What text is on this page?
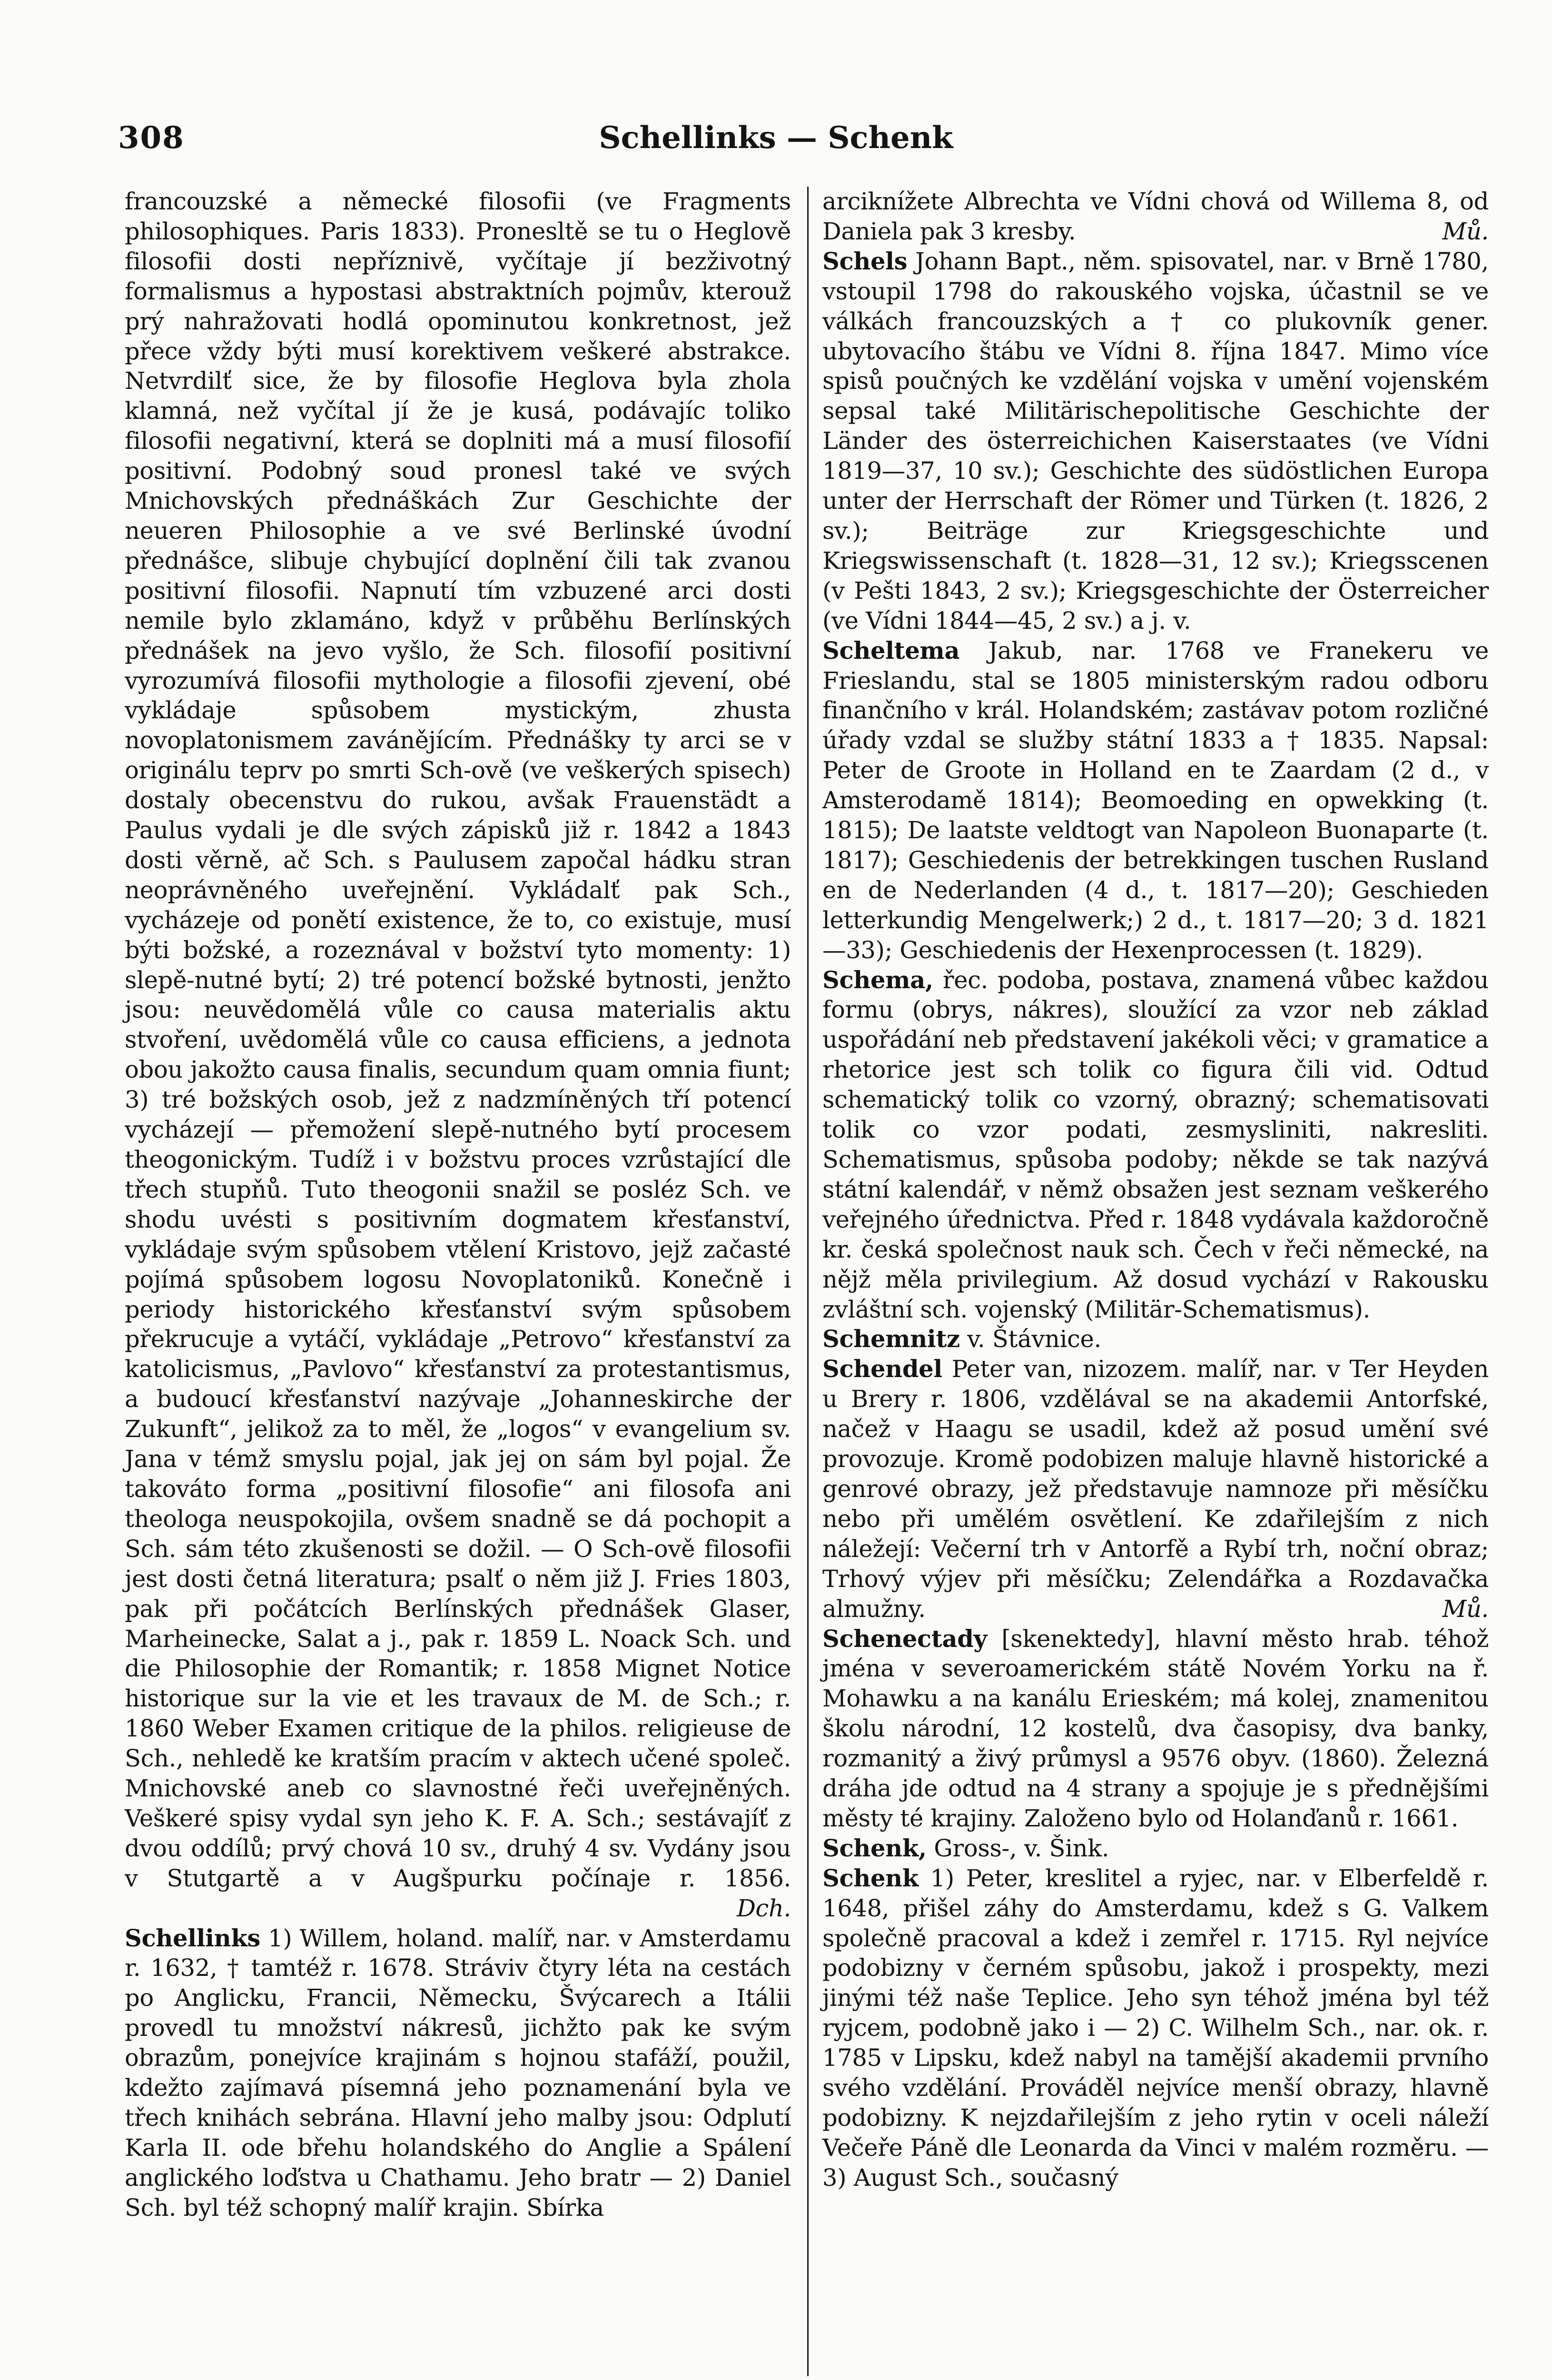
308	Schellinks — Schenk
francouzské a německé filosofii (ve Fragments philosophiques. Paris 1833). Pronesltě se tu o Heglově filosofii dosti nepříznivě, vyčítaje jí bezživotný formalismus a hypostasi abstraktních pojmův, kterouž prý nahražovati hodlá opominutou konkretnost, jež přece vždy býti musí korektivem veškeré abstrakce. Netvrdilť sice, že by filosofie Heglova byla zhola klamná, než vyčítal jí že je kusá, podávajíc toliko filosofii negativní, která se doplniti má a musí filosofií positivní. Podobný soud pronesl také ve svých Mnichovských přednáškách Zur Geschichte der neueren Philosophie a ve své Berlinské úvodní přednášce, slibuje chybující doplnění čili tak zvanou positivní filosofii. Napnutí tím vzbuzené arci dosti nemile bylo zklamáno, když v průběhu Berlínských přednášek na jevo vyšlo, že Sch. filosofií positivní vyrozumívá filosofii mythologie a filosofii zjevení, obé vykládaje spůsobem mystickým, zhusta novoplatonismem zavánějícím. Přednášky ty arci se v originálu teprv po smrti Sch-ově (ve veškerých spisech) dostaly obecenstvu do rukou, avšak Frauenstädt a Paulus vydali je dle svých zápisků již r. 1842 a 1843 dosti věrně, ač Sch. s Paulusem započal hádku stran neoprávněného uveřejnění. Vykládalť pak Sch., vycházeje od ponětí existence, že to, co existuje, musí býti božské, a rozeznával v božství tyto momenty: 1) slepě-nutné bytí; 2) tré potencí božské bytnosti, jenžto jsou: neuvědomělá vůle co causa materialis aktu stvoření, uvědomělá vůle co causa efficiens, a jednota obou jakožto causa finalis, secundum quam omnia fiunt; 3) tré božských osob, jež z nadzmíněných tří potencí vycházejí — přemožení slepě-nutného bytí procesem theogonickým. Tudíž i v božstvu proces vzrůstající dle třech stupňů. Tuto theogonii snažil se posléz Sch. ve shodu uvésti s positivním dogmatem křesťanství, vykládaje svým spůsobem vtělení Kristovo, jejž začasté pojímá spůsobem logosu Novoplatoniků. Konečně i periody historického křesťanství svým spůsobem překrucuje a vytáčí, vykládaje „Petrovo“ křesťanství za katolicismus, „Pavlovo“ křesťanství za protestantismus, a budoucí křesťanství nazývaje „Johanneskirche der Zukunft“, jelikož za to měl, že „logos“ v evangelium sv. Jana v témž smyslu pojal, jak jej on sám byl pojal. Že takováto forma „positivní filosofie“ ani filosofa ani theologa neuspokojila, ovšem snadně se dá pochopit a Sch. sám této zkušenosti se dožil. — O Sch-ově filosofii jest dosti četná literatura; psalť o něm již J. Fries 1803, pak při počátcích Berlínských přednášek Glaser, Marheinecke, Salat a j., pak r. 1859 L. Noack Sch. und die Philosophie der Romantik; r. 1858 Mignet Notice historique sur la vie et les travaux de M. de Sch.; r. 1860 Weber Examen critique de la philos. religieuse de Sch., nehledě ke kratším pracím v aktech učené společ. Mnichovské aneb co slavnostné řeči uveřejněných. Veškeré spisy vydal syn jeho K. F. A. Sch.; sestávajíť z dvou oddílů; prvý chová 10 sv., druhý 4 sv. Vydány jsou v Stutgartě a v Augšpurku počínaje r. 1856. Dch.
Schellinks 1) Willem, holand. malíř, nar. v Amsterdamu r. 1632, † tamtéž r. 1678. Stráviv čtyry léta na cestách po Anglicku, Francii, Německu, Švýcarech a Itálii provedl tu množství nákresů, jichžto pak ke svým obrazům, ponejvíce krajinám s hojnou stafáží, použil, kdežto zajímavá písemná jeho poznamenání byla ve třech knihách sebrána. Hlavní jeho malby jsou: Odplutí Karla II. ode břehu holandského do Anglie a Spálení anglického loďstva u Chathamu. Jeho bratr — 2) Daniel Sch. byl též schopný malíř krajin. Sbírka
arciknížete Albrechta ve Vídni chová od Willema 8, od Daniela pak 3 kresby.	Mů.
Schels Johann Bapt., něm. spisovatel, nar. v Brně 1780, vstoupil 1798 do rakouského vojska, účastnil se ve válkách francouzských a † co plukovník gener. ubytovacího štábu ve Vídni 8. října 1847. Mimo více spisů poučných ke vzdělání vojska v umění vojenském sepsal také Militärischepolitische Geschichte der Länder des österreichichen Kaiserstaates (ve Vídni 1819—37, 10 sv.); Geschichte des südöstlichen Europa unter der Herrschaft der Römer und Türken (t. 1826, 2 sv.); Beiträge zur Kriegsgeschichte und Kriegswissenschaft (t. 1828—31, 12 sv.); Kriegsscenen (v Pešti 1843, 2 sv.); Kriegsgeschichte der Österreicher (ve Vídni 1844—45, 2 sv.) a j. v.
Scheltema Jakub, nar. 1768 ve Franekeru ve Frieslandu, stal se 1805 ministerským radou odboru finančního v král. Holandském; zastávav potom rozličné úřady vzdal se služby státní 1833 a † 1835. Napsal: Peter de Groote in Holland en te Zaardam (2 d., v Amsterodamě 1814); Beomoeding en opwekking (t. 1815); De laatste veldtogt van Napoleon Buonaparte (t. 1817); Geschiedenis der betrekkingen tuschen Rusland en de Nederlanden (4 d., t. 1817—20); Geschieden letterkundig Mengelwerk;) 2 d., t. 1817—20; 3 d. 1821—33); Geschiedenis der Hexenprocessen (t. 1829).
Schema, řec. podoba, postava, znamená vůbec každou formu (obrys, nákres), sloužící za vzor neb základ uspořádání neb představení jakékoli věci; v gramatice a rhetorice jest sch tolik co figura čili vid. Odtud schematický tolik co vzorný, obrazný; schematisovati tolik co vzor podati, zesmysliniti, nakresliti. Schematismus, spůsoba podoby; někde se tak nazývá státní kalendář, v němž obsažen jest seznam veškerého veřejného úřednictva. Před r. 1848 vydávala každoročně kr. česká společnost nauk sch. Čech v řeči německé, na nějž měla privilegium. Až dosud vychází v Rakousku zvláštní sch. vojenský (Militär-Schematismus).
Schemnitz v. Štávnice.
Schendel Peter van, nizozem. malíř, nar. v Ter Heyden u Brery r. 1806, vzdělával se na akademii Antorfské, načež v Haagu se usadil, kdež až posud umění své provozuje. Kromě podobizen maluje hlavně historické a genrové obrazy, jež představuje namnoze při měsíčku nebo při umělém osvětlení. Ke zdařilejším z nich náležejí: Večerní trh v Antorfě a Rybí trh, noční obraz; Trhový výjev při měsíčku; Zelendářka a Rozdavačka almužny.	Mů.
Schenectady [skenektedy], hlavní město hrab. téhož jména v severoamerickém státě Novém Yorku na ř. Mohawku a na kanálu Erieském; má kolej, znamenitou školu národní, 12 kostelů, dva časopisy, dva banky, rozmanitý a živý průmysl a 9576 obyv. (1860). Železná dráha jde odtud na 4 strany a spojuje je s přednějšími městy té krajiny. Založeno bylo od Holanďanů r. 1661.
Schenk, Gross-, v. Šink.
Schenk 1) Peter, kreslitel a ryjec, nar. v Elberfeldě r. 1648, přišel záhy do Amsterdamu, kdež s G. Valkem společně pracoval a kdež i zemřel r. 1715. Ryl nejvíce podobizny v černém spůsobu, jakož i prospekty, mezi jinými též naše Teplice. Jeho syn téhož jména byl též ryjcem, podobně jako i — 2) C. Wilhelm Sch., nar. ok. r. 1785 v Lipsku, kdež nabyl na tamější akademii prvního svého vzdělání. Prováděl nejvíce menší obrazy, hlavně podobizny. K nejzdařilejším z jeho rytin v oceli náleží Večeře Páně dle Leonarda da Vinci v malém rozměru. — 3) August Sch., současný
